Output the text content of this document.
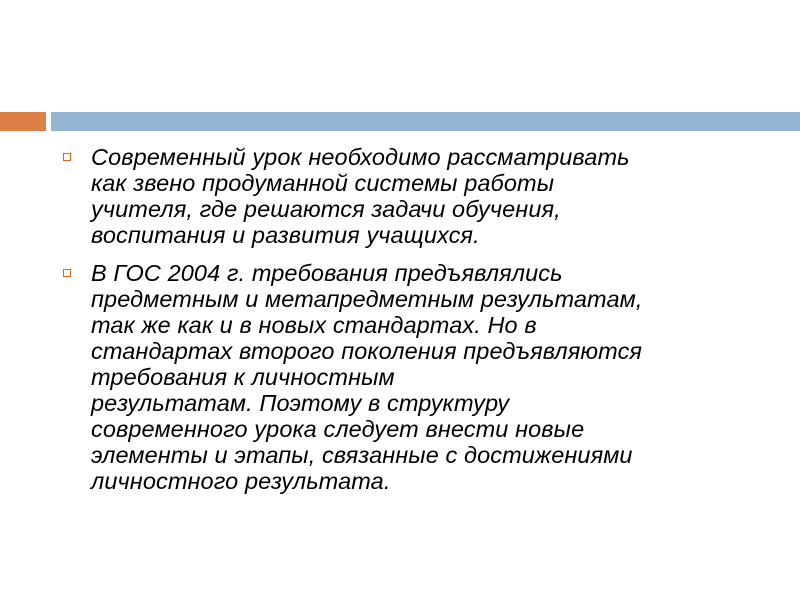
Современный урок необходимо рассматривать
как звено продуманной системы работы
учителя, где решаются задачи обучения,
воспитания и развития учащихся.
В ГОС 2004 г. требования предъявлялись
предметным и метапредметным результатам,
так же как и в новых стандартах. Но в
стандартах второго поколения предъявляются
требования к личностным
результатам. Поэтому в структуру
современного урока следует внести новые
элементы и этапы, связанные с достижениями
личностного результата.
